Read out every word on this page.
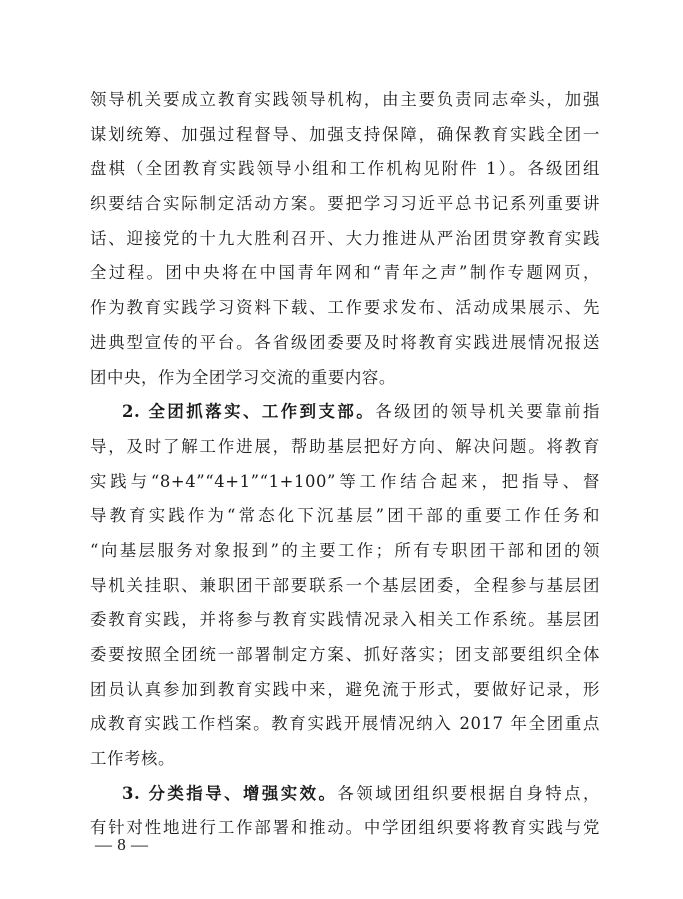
领导机关要成立教育实践领导机构，由主要负责同志牵头，加强
谋划统筹、加强过程督导、加强支持保障，确保教育实践全团一
盘棋（全团教育实践领导小组和工作机构见附件 1）。各级团组
织要结合实际制定活动方案。要把学习习近平总书记系列重要讲
话、迎接党的十九大胜利召开、大力推进从严治团贯穿教育实践
全过程。团中央将在中国青年网和“青年之声”制作专题网页，
作为教育实践学习资料下载、工作要求发布、活动成果展示、先
进典型宣传的平台。各省级团委要及时将教育实践进展情况报送
团中央，作为全团学习交流的重要内容。
2. 全团抓落实、工作到支部。各级团的领导机关要靠前指
导，及时了解工作进展，帮助基层把好方向、解决问题。将教育
实践与“8+4”“4+1”“1+100”等工作结合起来，把指导、督
导教育实践作为“常态化下沉基层”团干部的重要工作任务和
“向基层服务对象报到”的主要工作；所有专职团干部和团的领
导机关挂职、兼职团干部要联系一个基层团委，全程参与基层团
委教育实践，并将参与教育实践情况录入相关工作系统。基层团
委要按照全团统一部署制定方案、抓好落实；团支部要组织全体
团员认真参加到教育实践中来，避免流于形式，要做好记录，形
成教育实践工作档案。教育实践开展情况纳入 2017 年全团重点
工作考核。
3. 分类指导、增强实效。各领域团组织要根据自身特点，
有针对性地进行工作部署和推动。中学团组织要将教育实践与党
— 8 —
